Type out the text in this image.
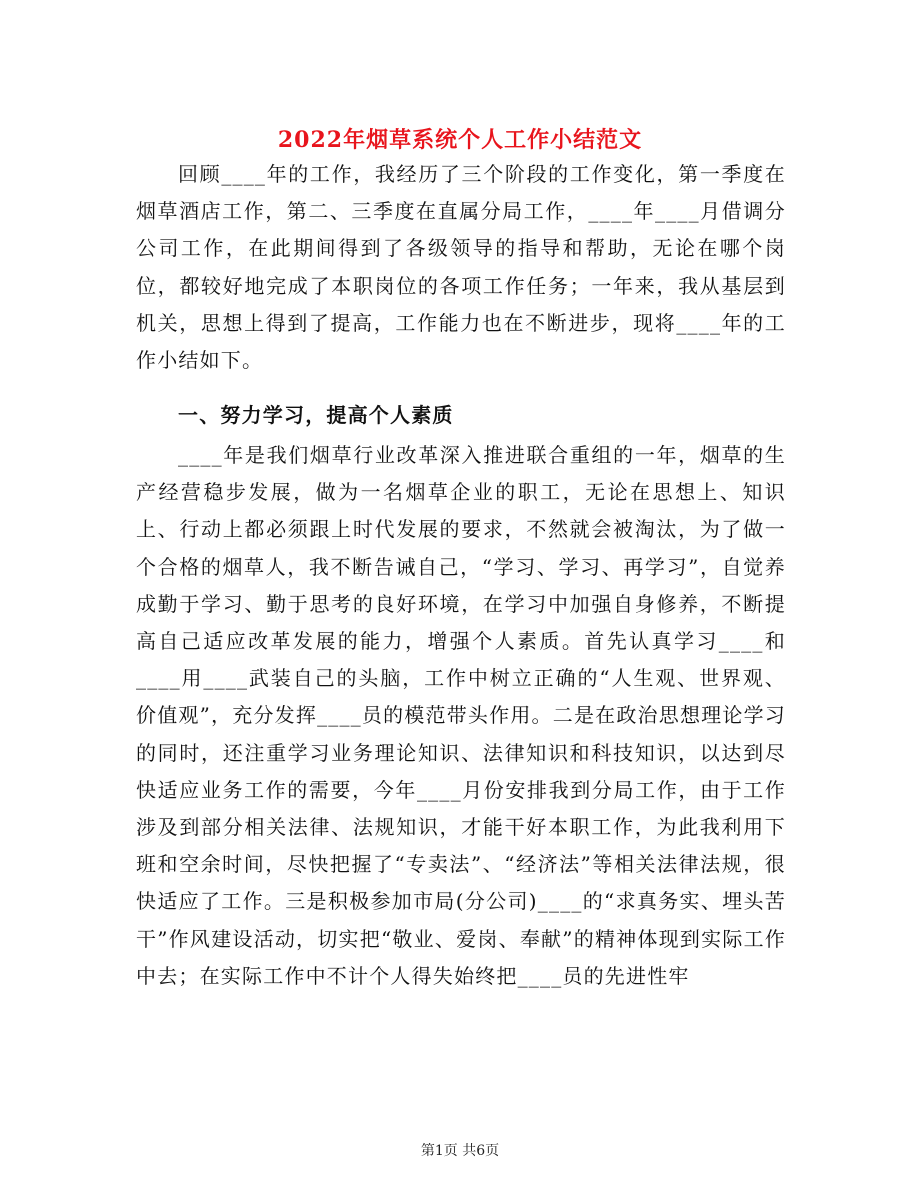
2022年烟草系统个人工作小结范文

回顾____年的工作，我经历了三个阶段的工作变化，第一季度在烟草酒店工作，第二、三季度在直属分局工作，____年____月借调分公司工作，在此期间得到了各级领导的指导和帮助，无论在哪个岗位，都较好地完成了本职岗位的各项工作任务；一年来，我从基层到机关，思想上得到了提高，工作能力也在不断进步，现将____年的工作小结如下。

一、努力学习，提高个人素质

____年是我们烟草行业改革深入推进联合重组的一年，烟草的生产经营稳步发展，做为一名烟草企业的职工，无论在思想上、知识上、行动上都必须跟上时代发展的要求，不然就会被淘汰，为了做一个合格的烟草人，我不断告诫自己，“学习、学习、再学习”，自觉养成勤于学习、勤于思考的良好环境，在学习中加强自身修养，不断提高自己适应改革发展的能力，增强个人素质。首先认真学习____和____用____武装自己的头脑，工作中树立正确的“人生观、世界观、价值观”，充分发挥____员的模范带头作用。二是在政治思想理论学习的同时，还注重学习业务理论知识、法律知识和科技知识，以达到尽快适应业务工作的需要，今年____月份安排我到分局工作，由于工作涉及到部分相关法律、法规知识，才能干好本职工作，为此我利用下班和空余时间，尽快把握了“专卖法”、“经济法”等相关法律法规，很快适应了工作。三是积极参加市局(分公司)____的“求真务实、埋头苦干”作风建设活动，切实把“敬业、爱岗、奉献”的精神体现到实际工作中去；在实际工作中不计个人得失始终把____员的先进性牢

第1页 共6页
